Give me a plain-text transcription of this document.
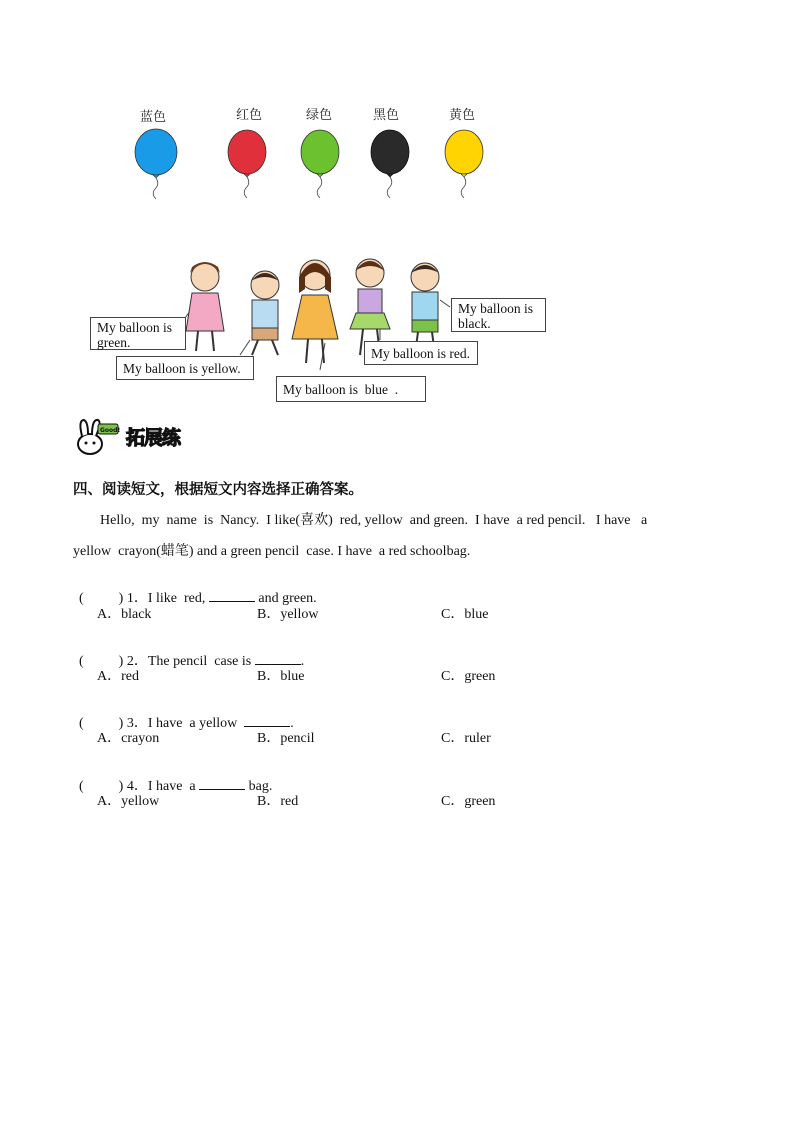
蓝色	红色	绿色	黑色	黄色
My balloon is
green.
My balloon is yellow.
My balloon is blue .
My balloon is red.
My balloon is
black.
Good! 拓展练
四、阅读短文，根据短文内容选择正确答案。
Hello,  my  name  is  Nancy.  I like(喜欢)  red, yellow  and green.  I have  a red pencil.   I have   a
yellow  crayon(蜡笔) and a green pencil  case. I have  a red schoolbag.

(          ) 1．I like  red,	and green.

A．black	B．yellow	C．blue

(          ) 2．The pencil  case is	.

A．red	B．blue	C．green

(          ) 3．I have  a yellow	.

A．crayon	B．pencil	C．ruler

(          ) 4．I have  a	bag.

A．yellow	B．red	C．green
